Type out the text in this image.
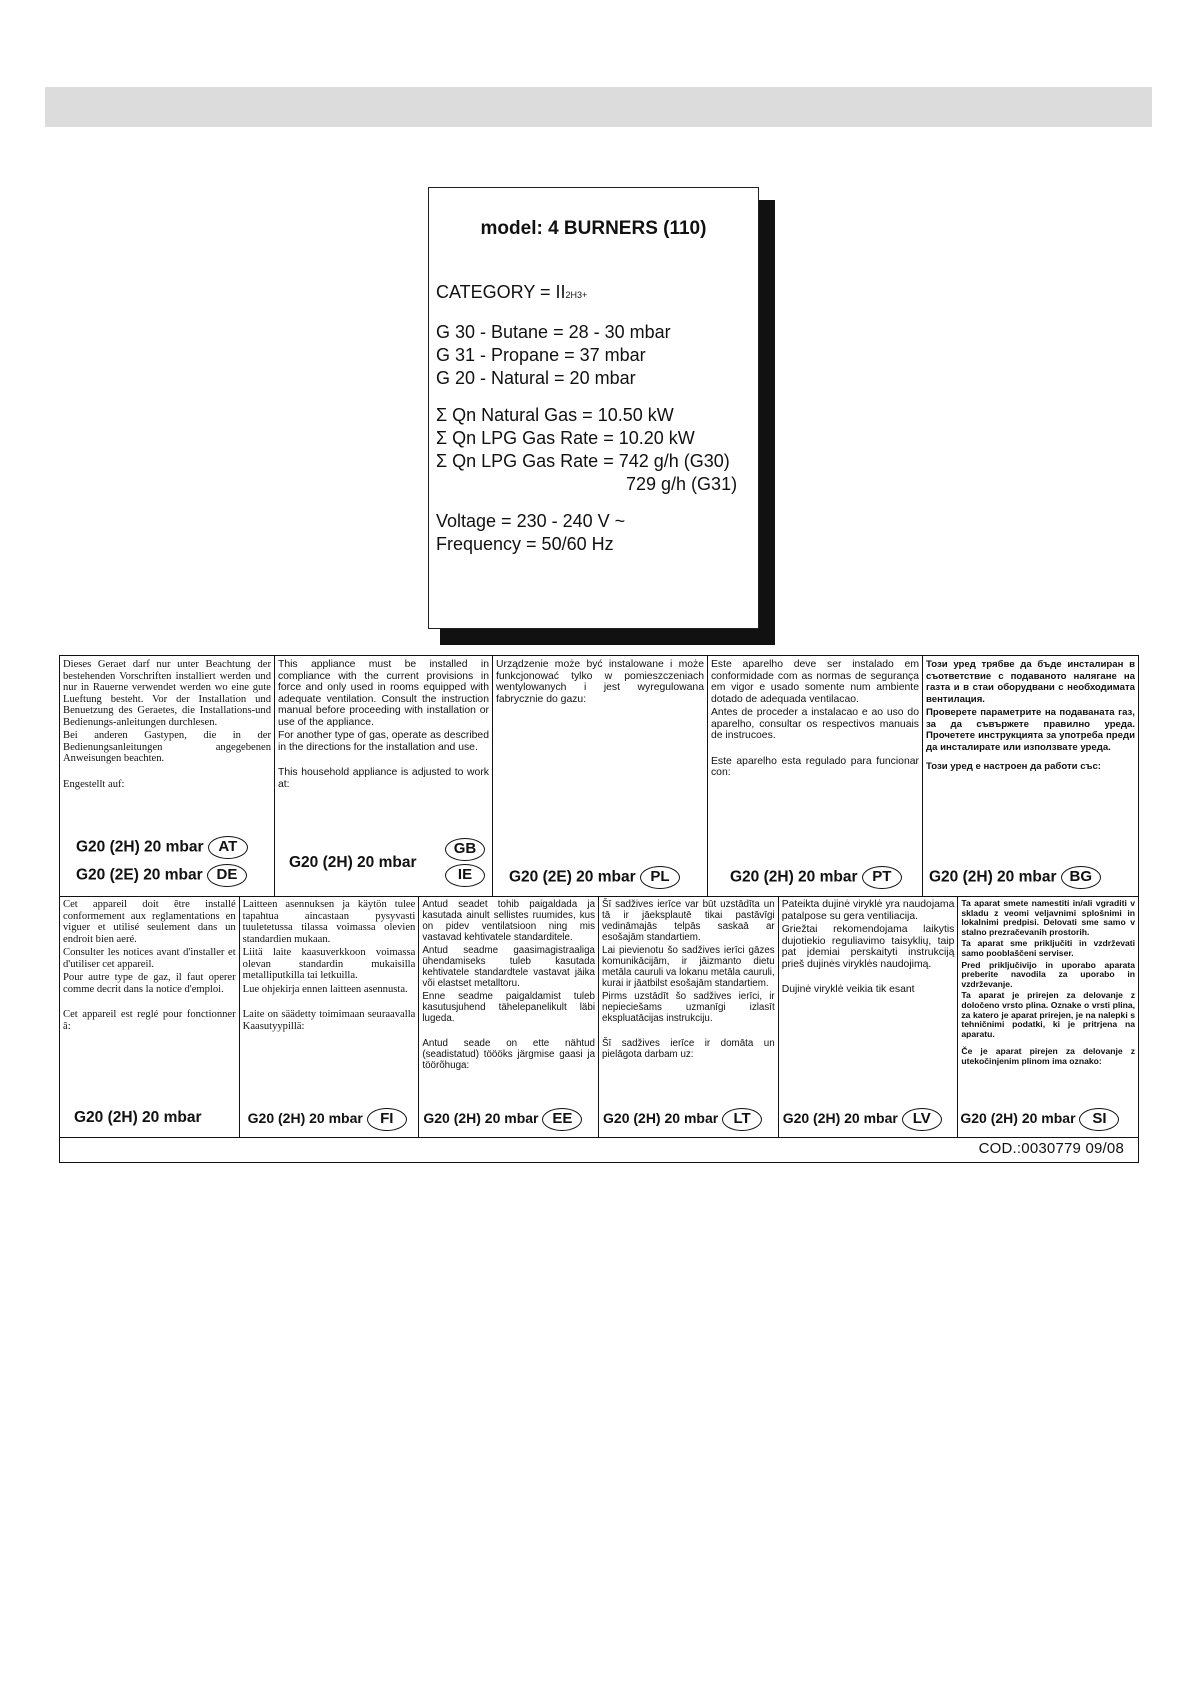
model: 4 BURNERS (110)
CATEGORY = II2H3+
G 30 - Butane = 28 - 30 mbar
G 31 - Propane = 37 mbar
G 20 - Natural = 20 mbar
Σ Qn Natural Gas = 10.50 kW
Σ Qn LPG Gas Rate = 10.20 kW
Σ Qn LPG Gas Rate = 742 g/h (G30)
729 g/h (G31)
Voltage = 230 - 240 V ~
Frequency = 50/60 Hz

Dieses Geraet darf nur unter Beachtung der bestehenden Vorschriften installiert werden und nur in Rauerne verwendet werden wo eine gute Luеftung besteht. Vor der Installation und Benuetzung des Geraetes, die Installations-und Bedienungs-anleitungen durchlesen.

Bei anderen Gastypen, die in der Bedienungsanleitungen angegebenen Anweisungen beachten.

Engestellt auf:

G20 (2H) 20 mbar AT
G20 (2E) 20 mbar DE

This appliance must be installed in compliance with the current provisions in force and only used in rooms equipped with adequate ventilation. Consult the instruction manual before proceeding with installation or use of the appliance.

For another type of gas, operate as described in the directions for the installation and use.

This household appliance is adjusted to work at:

G20 (2H) 20 mbar
GB
IE

Urządzenie może być instalowane i może funkcjonować tylko w pomieszczeniach wentylowanych i jest wyregulowana fabrycznie do gazu:

G20 (2E) 20 mbar PL

Este aparelho deve ser instalado em conformidade com as normas de segurança em vigor e usado somente num ambiente dotado de adequada ventilacao.

Antes de proceder a instalacao e ao uso do aparelho, consultar os respectivos manuais de instrucoes.

Este aparelho esta regulado para funcionar con:

G20 (2H) 20 mbar PT

Този уред трябве да бъде инсталиран в съответствие с подаваното налягане на газта и в стаи оборудвани с необходимата вентилация.

Проверете параметрите на подаваната газ, за да съвържете правилно уреда. Прочетете инструкцията за употреба преди да инсталирате или използвате уреда.

Този уред е настроен да работи със:

G20 (2H) 20 mbar BG

Cet appareil doit être installé conformement aux reglamentations en viguer et utilisé seulement dans un endroit bien aeré.

Consulter les notices avant d'installer et d'utiliser cet appareil.

Pour autre type de gaz, il faut operer comme decrit dans la notice d'emploi.

Cet appareil est reglé pour fonctionner â:

G20 (2H) 20 mbar

Laitteen asennuksen ja käytön tulee tapahtua aincastaan pysyvasti tuuletetussa tilassa voimassa olevien standardien mukaan.

Liitä laite kaasuverkkoon voimassa olevan standardin mukaisilla metalliputkilla tai letkuilla.

Lue ohjekirja ennen laitteen asennusta.

Laite on säädetty toimimaan seuraavalla Kaasutyypillä:

G20 (2H) 20 mbar FI

Antud seadet tohib paigaldada ja kasutada ainult sellistes ruumides, kus on pidev ventilatsioon ning mis vastavad kehtivatele standarditele.

Antud seadme gaasimagistraaliga ühendamiseks tuleb kasutada kehtivatele standardtele vastavat jäika või elastset metalltoru.

Enne seadme paigaldamist tuleb kasutusjuhend tähelepanelikult läbi lugeda.

Antud seade on ette nähtud (seadistatud) töööks järgmise gaasi ja töörõhuga:

G20 (2H) 20 mbar EE

Šī sadžives ierīce var būt uzstādīta un tā ir jāeksplautē tikai pastāvīgi vedināmajās telpās saskaā ar esošajām standartiem.

Lai pievienotu šo sadžives ierīci gāzes komunikācijām, ir jāizmanto dietu metāla cauruli va lokanu metāla cauruli, kurai ir jāatbilst esošajām standartiem.

Pirms uzstādīt šo sadžives ierīci, ir nepieciešams uzmanīgi izlasīt ekspluatācijas instrukciju.

Šī sadžives ierīce ir domāta un pielāgota darbam uz:

G20 (2H) 20 mbar LT

Pateikta dujinė viryklė yra naudojama patalpose su gera ventiliacija.

Griežtai rekomendojama laikytis dujotiekio reguliavimo taisyklių, taip pat įdemiai perskaityti instrukciją prieš dujinės viryklės naudojimą.

Dujinė viryklė veikia tik esant

G20 (2H) 20 mbar LV

Ta aparat smete namestiti in/ali vgraditi v skladu z veomi veljavnimi splošnimi in lokalnimi predpisi. Delovati sme samo v stalno prezračevanih prostorih.

Ta aparat sme priključiti in vzdrževati samo pooblaščeni serviser.

Pred priključivijo in uporabo aparata preberite navodila za uporabo in vzdrževanje.

Ta aparat je prirejen za delovanje z določeno vrsto plina. Oznake o vrsti plina, za katero je aparat prirejen, je na nalepki s tehničnimi podatki, ki je pritrjena na aparatu.

Če je aparat pirejen za delovanje z utekočinjenim plinom ima oznako:

G20 (2H) 20 mbar SI
COD.:0030779 09/08
